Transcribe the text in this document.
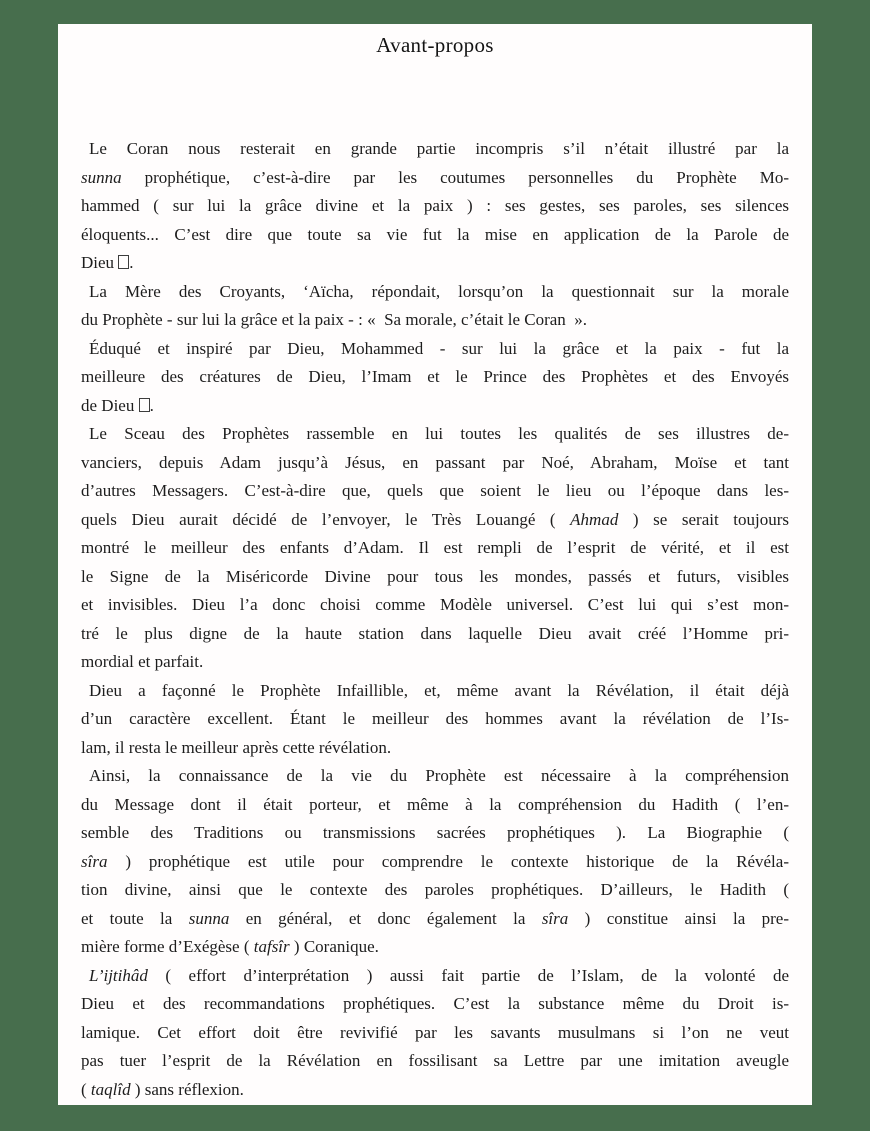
Avant-propos
Le Coran nous resterait en grande partie incompris s’il n’était illustré par la
sunna prophétique, c’est-à-dire par les coutumes personnelles du Prophète Mo-
hammed ( sur lui la grâce divine et la paix ) : ses gestes, ses paroles, ses silences
éloquents... C’est dire que toute sa vie fut la mise en application de la Parole de
Dieu .
La Mère des Croyants, ‘Aïcha, répondait, lorsqu’on la questionnait sur la morale
du Prophète - sur lui la grâce et la paix - : «  Sa morale, c’était le Coran  ».
Éduqué et inspiré par Dieu, Mohammed - sur lui la grâce et la paix - fut la
meilleure des créatures de Dieu, l’Imam et le Prince des Prophètes et des Envoyés
de Dieu .
Le Sceau des Prophètes rassemble en lui toutes les qualités de ses illustres de-
vanciers, depuis Adam jusqu’à Jésus, en passant par Noé, Abraham, Moïse et tant
d’autres Messagers. C’est-à-dire que, quels que soient le lieu ou l’époque dans les-
quels Dieu aurait décidé de l’envoyer, le Très Louangé ( Ahmad ) se serait toujours
montré le meilleur des enfants d’Adam. Il est rempli de l’esprit de vérité, et il est
le Signe de la Miséricorde Divine pour tous les mondes, passés et futurs, visibles
et invisibles. Dieu l’a donc choisi comme Modèle universel. C’est lui qui s’est mon-
tré le plus digne de la haute station dans laquelle Dieu avait créé l’Homme pri-
mordial et parfait.
Dieu a façonné le Prophète Infaillible, et, même avant la Révélation, il était déjà
d’un caractère excellent. Étant le meilleur des hommes avant la révélation de l’Is-
lam, il resta le meilleur après cette révélation.
Ainsi, la connaissance de la vie du Prophète est nécessaire à la compréhension
du Message dont il était porteur, et même à la compréhension du Hadith ( l’en-
semble des Traditions ou transmissions sacrées prophétiques ). La Biographie (
sîra ) prophétique est utile pour comprendre le contexte historique de la Révéla-
tion divine, ainsi que le contexte des paroles prophétiques. D’ailleurs, le Hadith (
et toute la sunna en général, et donc également la sîra ) constitue ainsi la pre-
mière forme d’Exégèse ( tafsîr ) Coranique.
L’ijtihâd ( effort d’interprétation ) aussi fait partie de l’Islam, de la volonté de
Dieu et des recommandations prophétiques. C’est la substance même du Droit is-
lamique. Cet effort doit être revivifié par les savants musulmans si l’on ne veut
pas tuer l’esprit de la Révélation en fossilisant sa Lettre par une imitation aveugle
( taqlîd ) sans réflexion.
